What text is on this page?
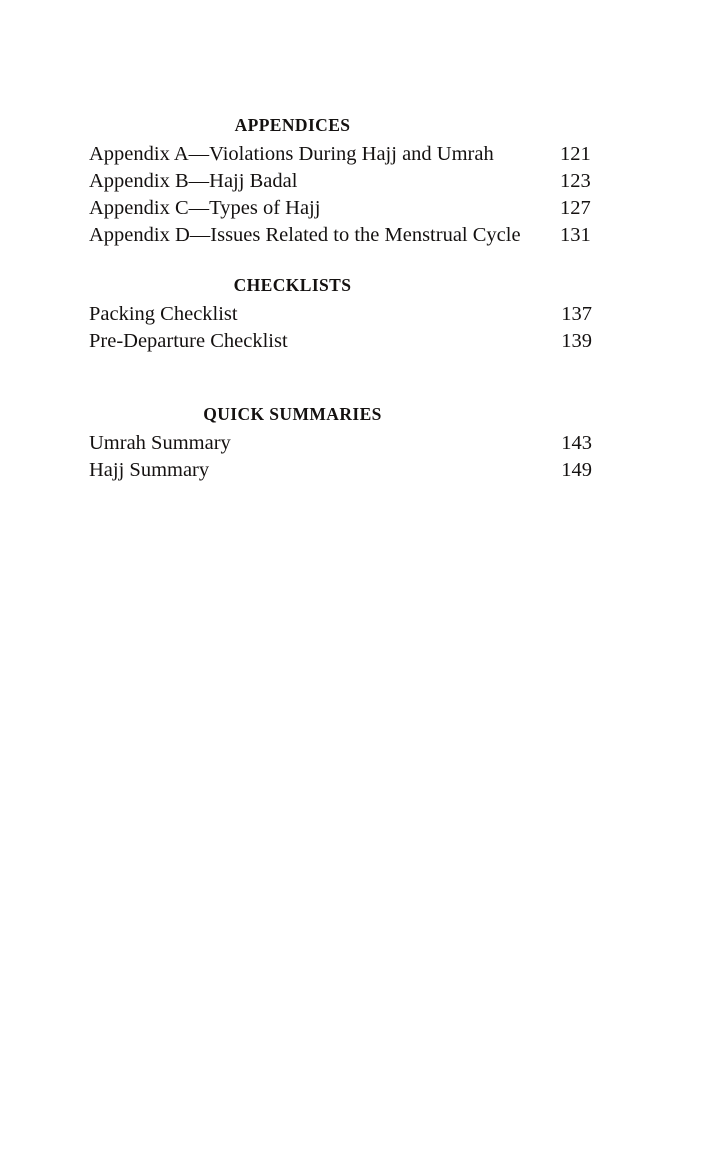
APPENDICES
Appendix A—Violations During Hajj and Umrah	121
Appendix B—Hajj Badal	123
Appendix C—Types of Hajj	127
Appendix D—Issues Related to the Menstrual Cycle	131
CHECKLISTS
Packing Checklist	137
Pre-Departure Checklist	139
QUICK SUMMARIES
Umrah Summary	143
Hajj Summary	149
